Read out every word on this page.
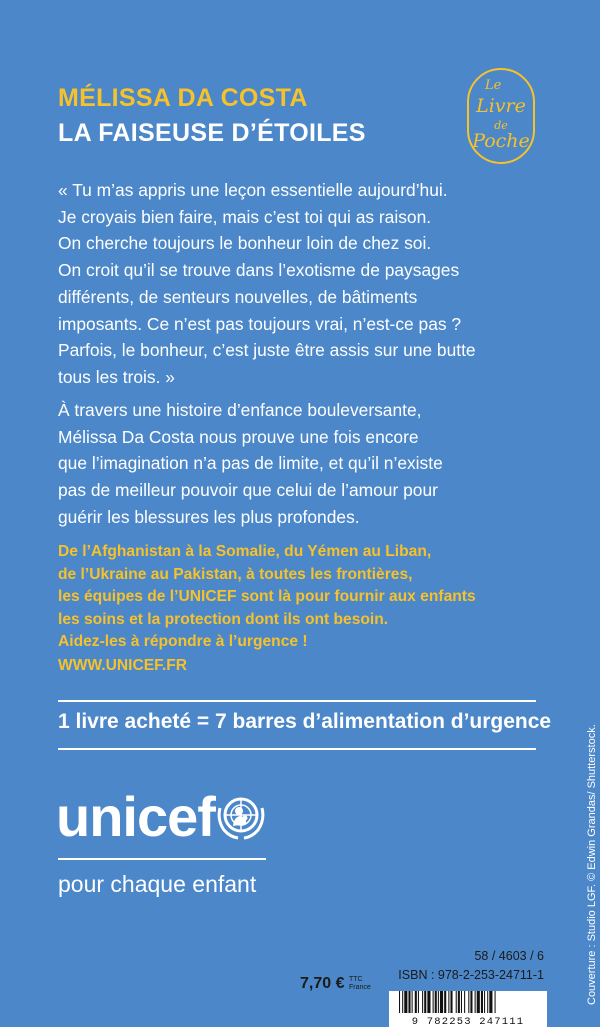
MÉLISSA DA COSTA
LA FAISEUSE D’ÉTOILES
Le
Livre
de
Poche
« Tu m’as appris une leçon essentielle aujourd’hui.
Je croyais bien faire, mais c’est toi qui as raison.
On cherche toujours le bonheur loin de chez soi.
On croit qu’il se trouve dans l’exotisme de paysages
différents, de senteurs nouvelles, de bâtiments
imposants. Ce n’est pas toujours vrai, n’est-ce pas ?
Parfois, le bonheur, c’est juste être assis sur une butte
tous les trois. »
À travers une histoire d’enfance bouleversante,
Mélissa Da Costa nous prouve une fois encore
que l’imagination n’a pas de limite, et qu’il n’existe
pas de meilleur pouvoir que celui de l’amour pour
guérir les blessures les plus profondes.
De l’Afghanistan à la Somalie, du Yémen au Liban,
de l’Ukraine au Pakistan, à toutes les frontières,
les équipes de l’UNICEF sont là pour fournir aux enfants
les soins et la protection dont ils ont besoin.
Aidez-les à répondre à l’urgence !
WWW.UNICEF.FR
1 livre acheté = 7 barres d’alimentation d’urgence
unicef
pour chaque enfant	Couverture : Studio LGF. © Edwin Grandas/ Shutterstock.
58 / 4603 / 6
ISBN : 978-2-253-24711-1
7,70 € TTC
France
9 782253 247111
